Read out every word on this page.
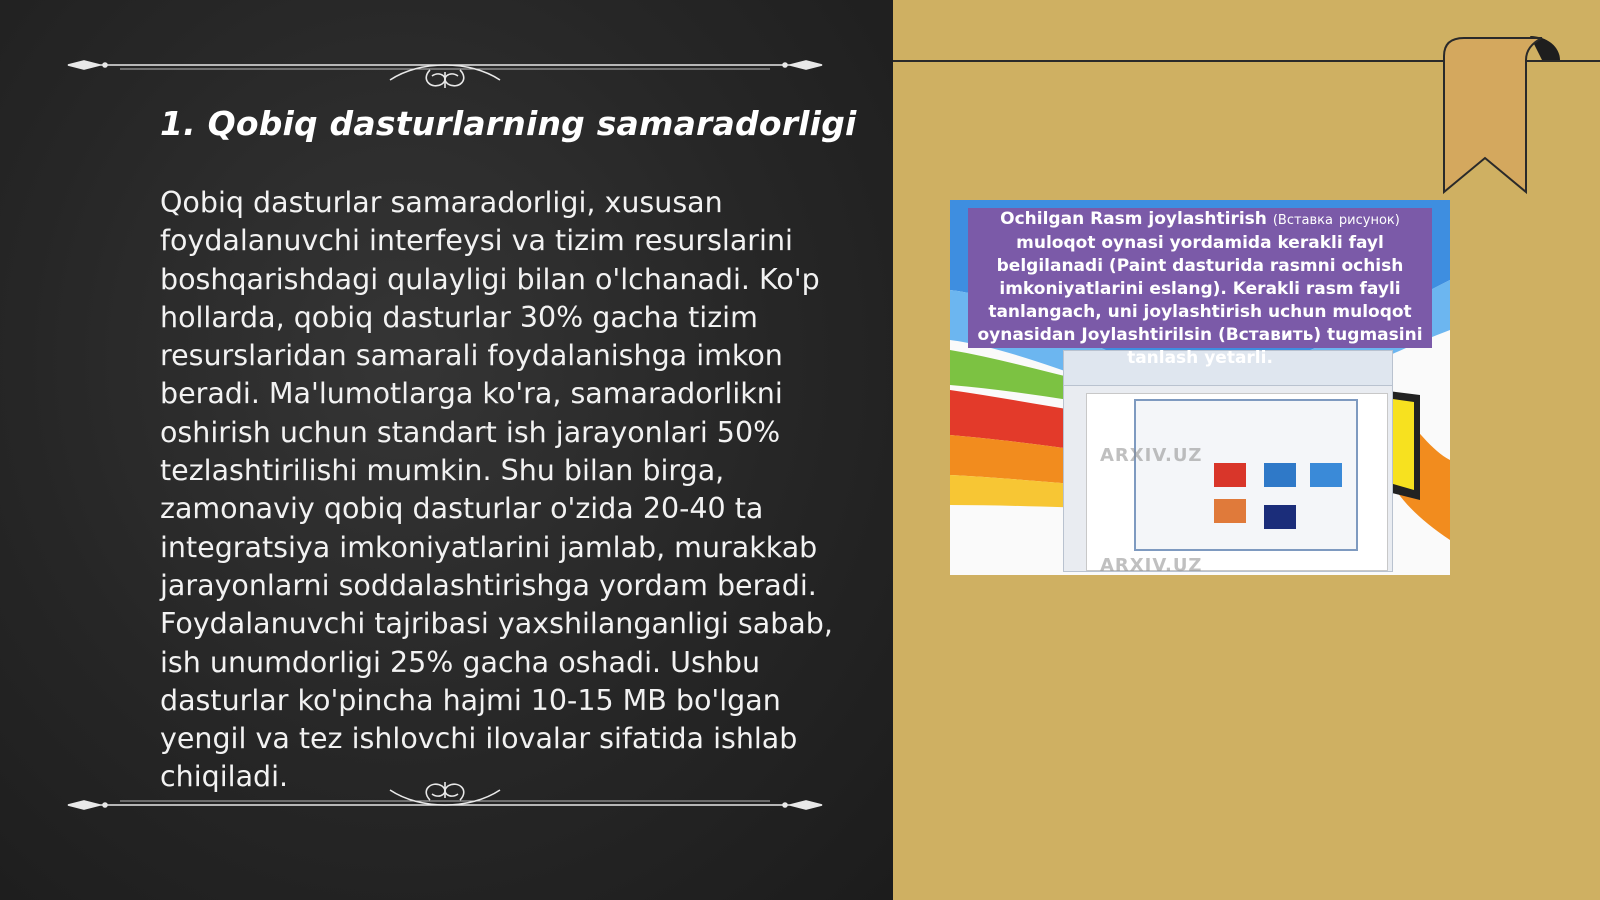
1. Qobiq dasturlarning samaradorligi

Qobiq dasturlar samaradorligi, xususan foydalanuvchi interfeysi va tizim resurslarini boshqarishdagi qulayligi bilan o'lchanadi. Ko'p hollarda, qobiq dasturlar 30% gacha tizim resurslaridan samarali foydalanishga imkon beradi. Ma'lumotlarga ko'ra, samaradorlikni oshirish uchun standart ish jarayonlari 50% tezlashtirilishi mumkin. Shu bilan birga, zamonaviy qobiq dasturlar o'zida 20-40 ta integratsiya imkoniyatlarini jamlab, murakkab jarayonlarni soddalashtirishga yordam beradi. Foydalanuvchi tajribasi yaxshilanganligi sabab, ish unumdorligi 25% gacha oshadi. Ushbu dasturlar ko'pincha hajmi 10-15 MB bo'lgan yengil va tez ishlovchi ilovalar sifatida ishlab chiqiladi.

Ochilgan Rasm joylashtirish (Вставка рисунок) muloqot oynasi yordamida kerakli fayl belgilanadi (Paint dasturida rasmni ochish imkoniyatlarini eslang). Kerakli rasm fayli tanlangach, uni joylashtirish uchun muloqot oynasidan Joylashtirilsin (Вставить) tugmasini tanlash yetarli.
ARXIV.UZ
ARXIV.UZ
